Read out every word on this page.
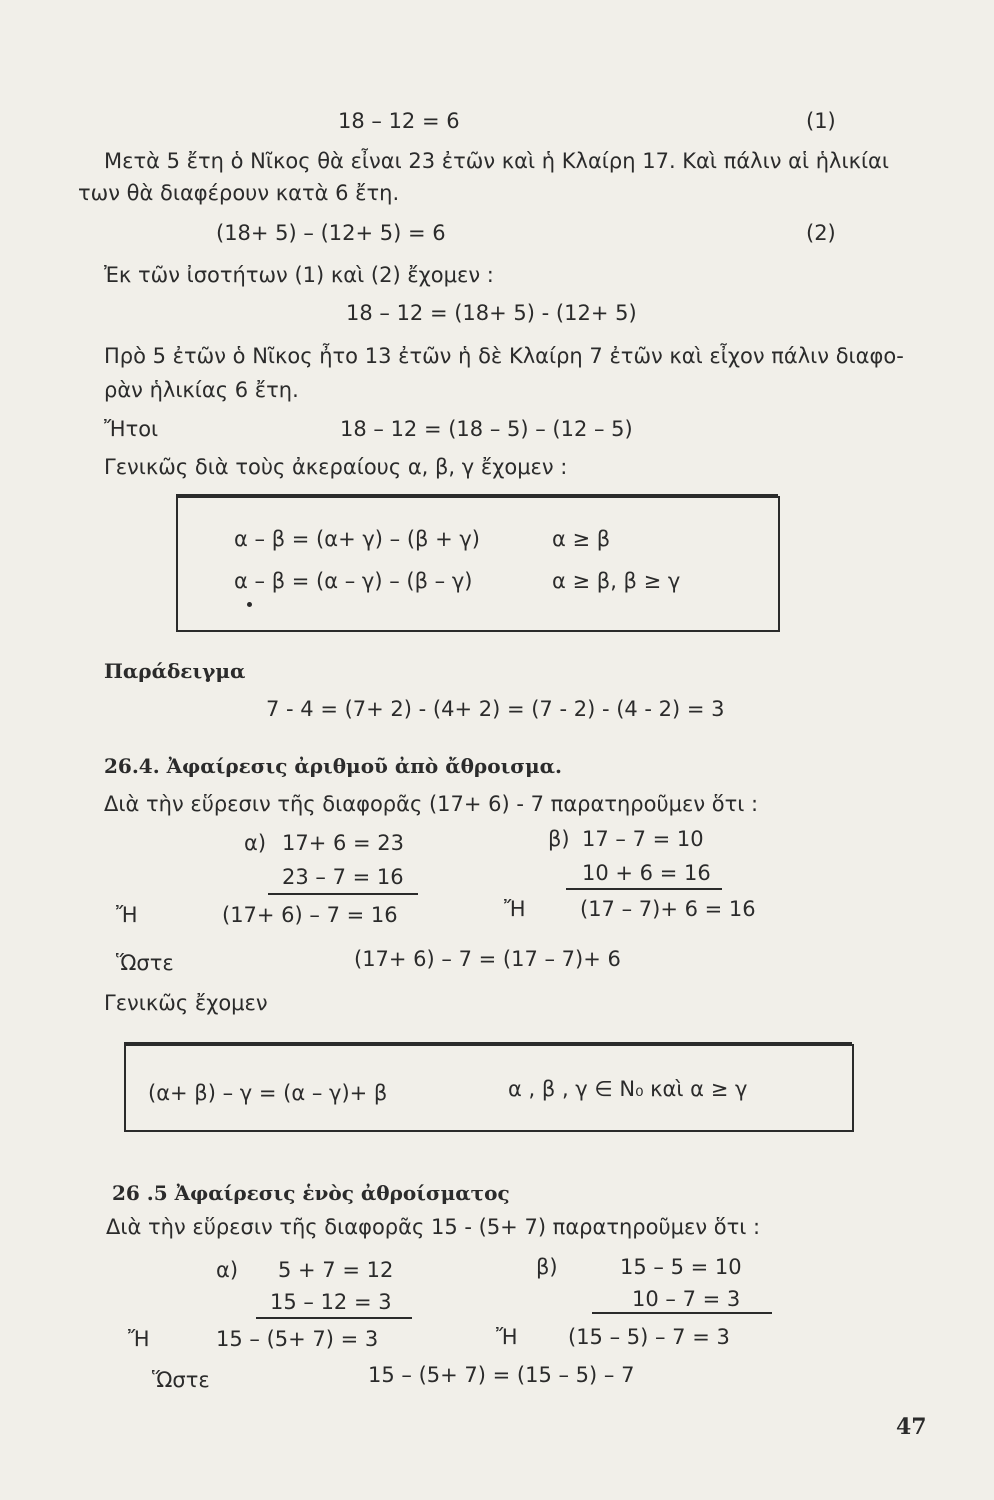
18 – 12 = 6	(1)
Μετὰ 5 ἔτη ὁ Νῖκος θὰ εἶναι 23 ἐτῶν καὶ ἡ Κλαίρη 17. Καὶ πάλιν αἱ ἡλικίαι
των θὰ διαφέρουν κατὰ 6 ἔτη.
(18+ 5) – (12+ 5) = 6	(2)
Ἐκ τῶν ἰσοτήτων (1) καὶ (2) ἔχομεν :
18 – 12 = (18+ 5) - (12+ 5)
Πρὸ 5 ἐτῶν ὁ Νῖκος ἦτο 13 ἐτῶν ἡ δὲ Κλαίρη 7 ἐτῶν καὶ εἶχον πάλιν διαφο-
ρὰν ἡλικίας 6 ἔτη.
Ἤτοι	18 – 12 = (18 – 5) – (12 – 5)
Γενικῶς διὰ τοὺς ἀκεραίους α, β, γ ἔχομεν :
α – β = (α+ γ) – (β + γ)	α ≥ β
α – β = (α – γ) – (β – γ)	α ≥ β, β ≥ γ
Παράδειγμα
7 - 4 = (7+ 2) - (4+ 2) = (7 - 2) - (4 - 2) = 3
26.4. Ἀφαίρεσις ἀριθμοῦ ἀπὸ ἄθροισμα.
Διὰ τὴν εὕρεσιν τῆς διαφορᾶς (17+ 6) - 7 παρατηροῦμεν ὅτι :
α) 17+ 6 = 23
23 – 7 = 16
β) 17 – 7 = 10
10 + 6 = 16
Ἤ	(17+ 6) – 7 = 16	Ἤ	(17 – 7)+ 6 = 16
Ὥστε	(17+ 6) – 7 = (17 – 7)+ 6
Γενικῶς ἔχομεν
(α+ β) – γ = (α – γ)+ β	α , β , γ ∈ N₀ καὶ α ≥ γ
26 .5 Ἀφαίρεσις ἑνὸς ἀθροίσματος
Διὰ τὴν εὕρεσιν τῆς διαφορᾶς 15 - (5+ 7) παρατηροῦμεν ὅτι :
α) 5 + 7 = 12
15 – 12 = 3
β)	15 – 5 = 10
10 – 7 = 3
Ἤ	15 – (5+ 7) = 3	Ἤ (15 – 5) – 7 = 3
Ὥστε	15 – (5+ 7) = (15 – 5) – 7
47
